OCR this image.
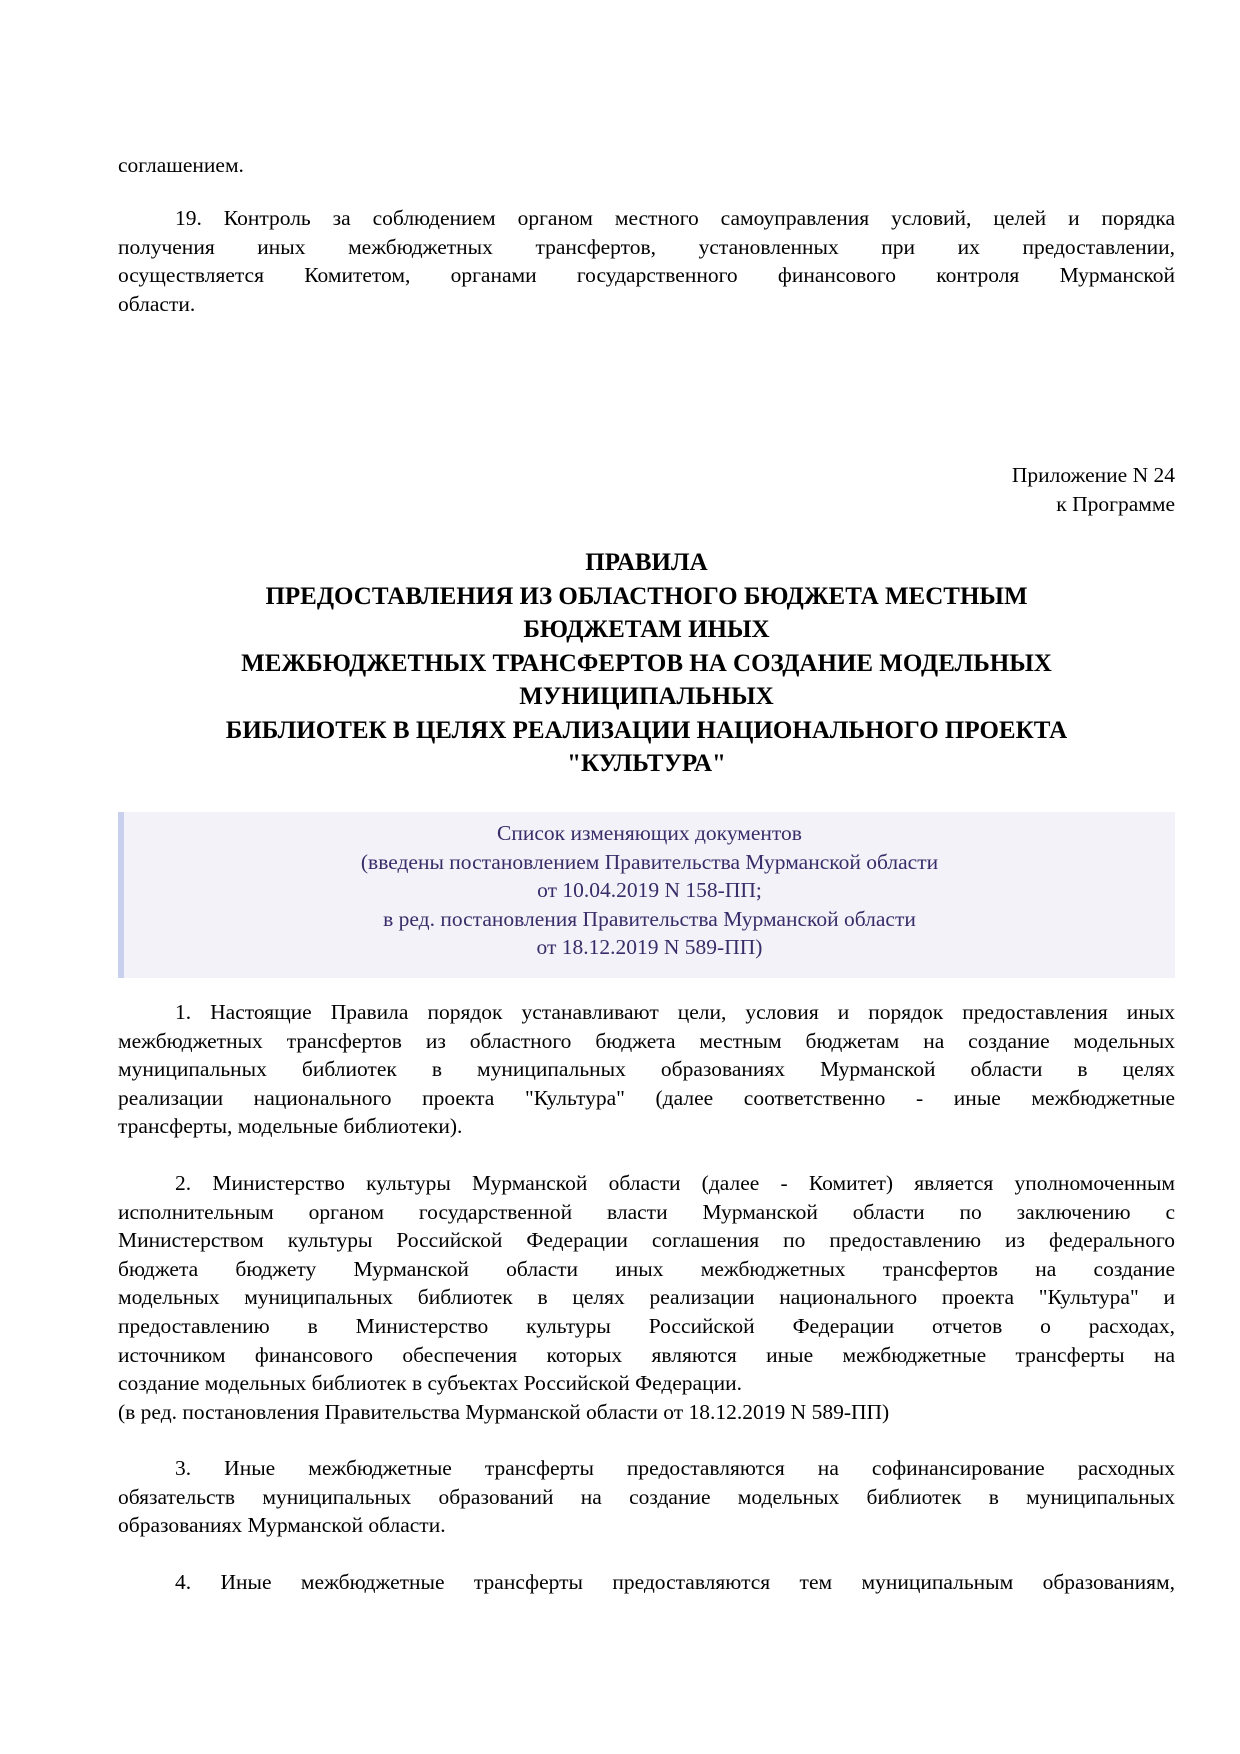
соглашением.
19. Контроль за соблюдением органом местного самоуправления условий, целей и порядка
получения иных межбюджетных трансфертов, установленных при их предоставлении,
осуществляется Комитетом, органами государственного финансового контроля Мурманской
области.
Приложение N 24
к Программе
ПРАВИЛА
ПРЕДОСТАВЛЕНИЯ ИЗ ОБЛАСТНОГО БЮДЖЕТА МЕСТНЫМ
БЮДЖЕТАМ ИНЫХ
МЕЖБЮДЖЕТНЫХ ТРАНСФЕРТОВ НА СОЗДАНИЕ МОДЕЛЬНЫХ
МУНИЦИПАЛЬНЫХ
БИБЛИОТЕК В ЦЕЛЯХ РЕАЛИЗАЦИИ НАЦИОНАЛЬНОГО ПРОЕКТА
"КУЛЬТУРА"
Список изменяющих документов
(введены постановлением Правительства Мурманской области
от 10.04.2019 N 158-ПП;
в ред. постановления Правительства Мурманской области
от 18.12.2019 N 589-ПП)
1. Настоящие Правила порядок устанавливают цели, условия и порядок предоставления иных
межбюджетных трансфертов из областного бюджета местным бюджетам на создание модельных
муниципальных библиотек в муниципальных образованиях Мурманской области в целях
реализации национального проекта "Культура" (далее соответственно - иные межбюджетные
трансферты, модельные библиотеки).
2. Министерство культуры Мурманской области (далее - Комитет) является уполномоченным
исполнительным органом государственной власти Мурманской области по заключению с
Министерством культуры Российской Федерации соглашения по предоставлению из федерального
бюджета бюджету Мурманской области иных межбюджетных трансфертов на создание
модельных муниципальных библиотек в целях реализации национального проекта "Культура" и
предоставлению в Министерство культуры Российской Федерации отчетов о расходах,
источником финансового обеспечения которых являются иные межбюджетные трансферты на
создание модельных библиотек в субъектах Российской Федерации.
(в ред. постановления Правительства Мурманской области от 18.12.2019 N 589-ПП)
3. Иные межбюджетные трансферты предоставляются на софинансирование расходных
обязательств муниципальных образований на создание модельных библиотек в муниципальных
образованиях Мурманской области.
4. Иные межбюджетные трансферты предоставляются тем муниципальным образованиям,
